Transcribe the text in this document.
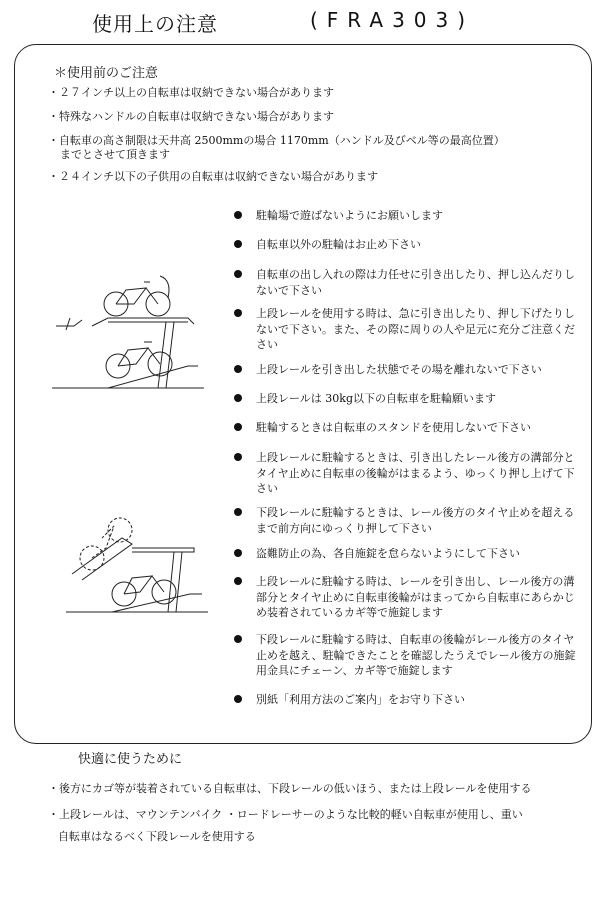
使用上の注意	(FRA303)
＊使用前のご注意
・２７インチ以上の自転車は収納できない場合があります
・特殊なハンドルの自転車は収納できない場合があります
・自転車の高さ制限は天井高 2500mmの場合 1170mm（ハンドル及びベル等の最高位置）
までとさせて頂きます
・２４インチ以下の子供用の自転車は収納できない場合があります
駐輪場で遊ばないようにお願いします
自転車以外の駐輪はお止め下さい
自転車の出し入れの際は力任せに引き出したり、押し込んだりしないで下さい
上段レールを使用する時は、急に引き出したり、押し下げたりしないで下さい。また、その際に周りの人や足元に充分ご注意ください
上段レールを引き出した状態でその場を離れないで下さい
上段レールは 30kg以下の自転車を駐輪願います
駐輪するときは自転車のスタンドを使用しないで下さい
上段レールに駐輪するときは、引き出したレール後方の溝部分とタイヤ止めに自転車の後輪がはまるよう、ゆっくり押し上げて下さい
下段レールに駐輪するときは、レール後方のタイヤ止めを超えるまで前方向にゆっくり押して下さい
盗難防止の為、各自施錠を怠らないようにして下さい
上段レールに駐輪する時は、レールを引き出し、レール後方の溝部分とタイヤ止めに自転車後輪がはまってから自転車にあらかじめ装着されているカギ等で施錠します
下段レールに駐輪する時は、自転車の後輪がレール後方のタイヤ止めを越え、駐輪できたことを確認したうえでレール後方の施錠用金具にチェーン、カギ等で施錠します
別紙「利用方法のご案内」をお守り下さい
快適に使うために
・後方にカゴ等が装着されている自転車は、下段レールの低いほう、または上段レールを使用する
・上段レールは、マウンテンバイク ・ロードレーサーのような比較的軽い自転車が使用し、重い
自転車はなるべく下段レールを使用する
